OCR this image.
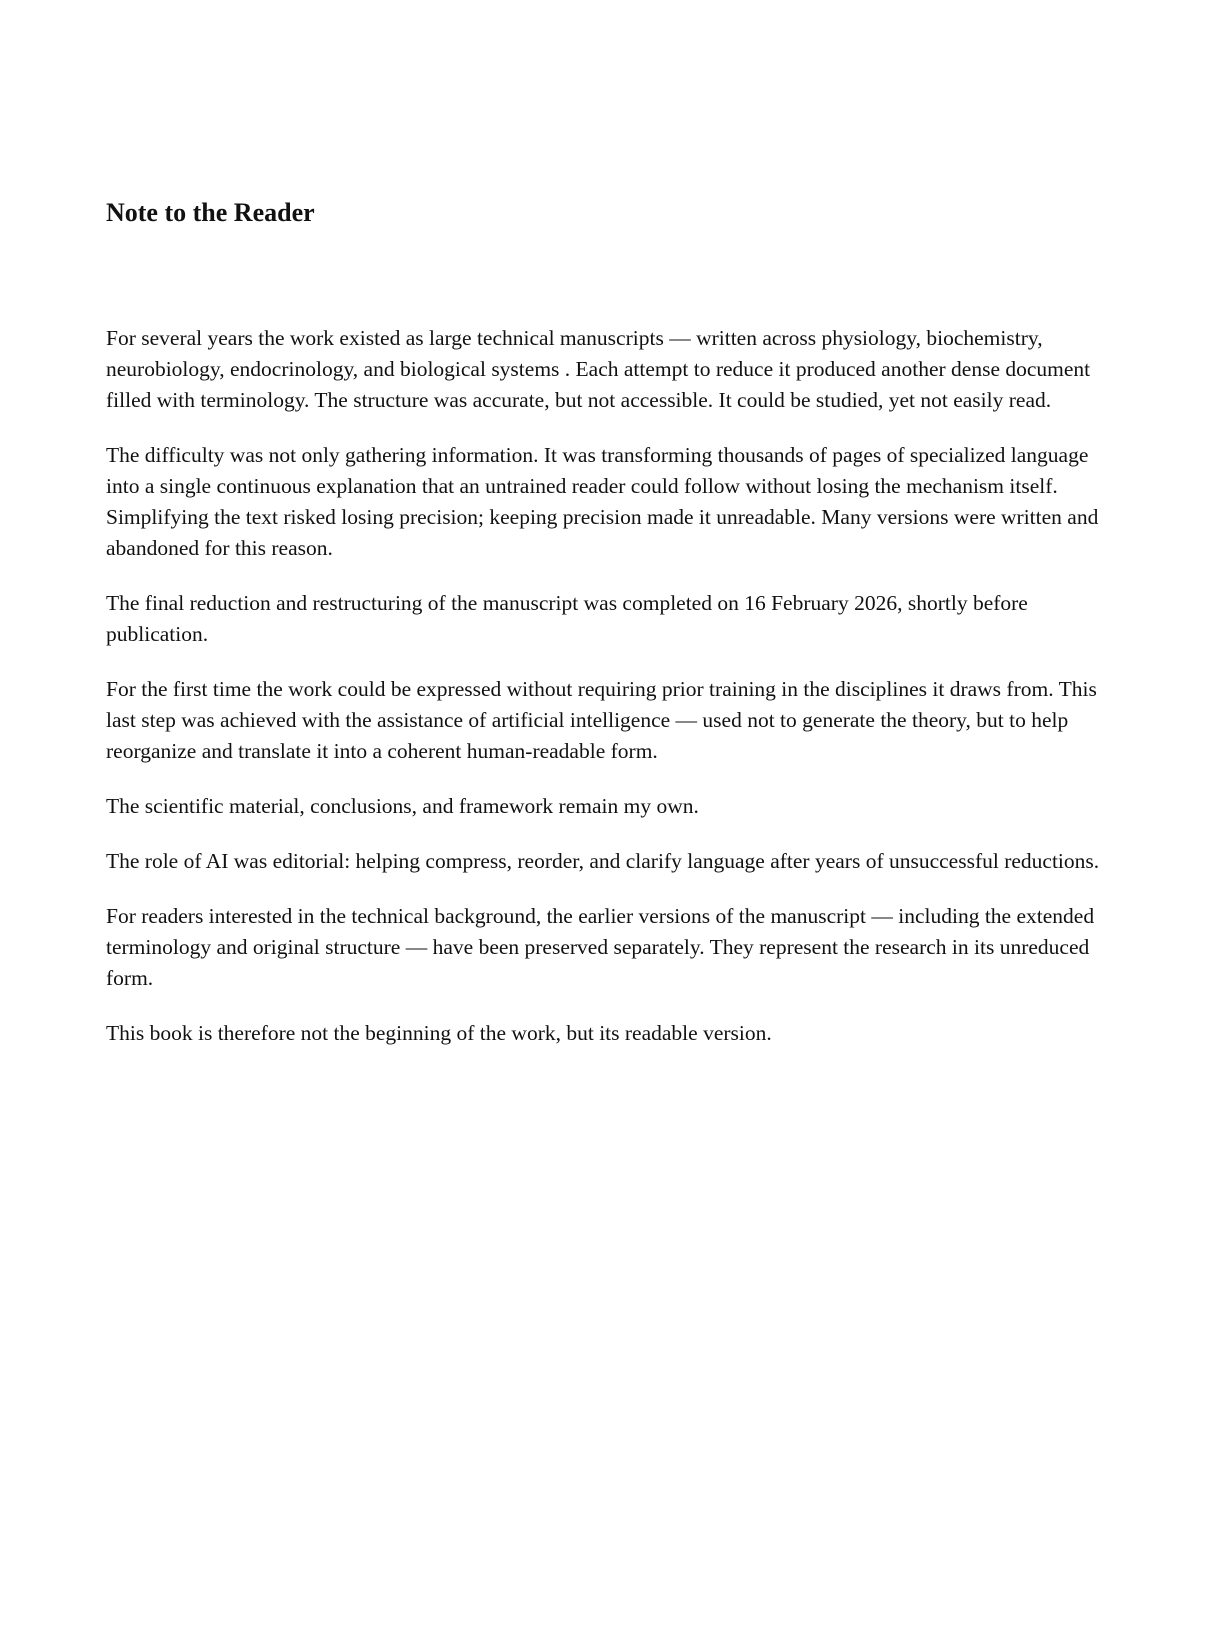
Note to the Reader

For several years the work existed as large technical manuscripts — written across physiology, biochemistry, neurobiology, endocrinology, and biological systems . Each attempt to reduce it produced another dense document filled with terminology. The structure was accurate, but not accessible. It could be studied, yet not easily read.

The difficulty was not only gathering information. It was transforming thousands of pages of specialized language into a single continuous explanation that an untrained reader could follow without losing the mechanism itself. Simplifying the text risked losing precision; keeping precision made it unreadable. Many versions were written and abandoned for this reason.

The final reduction and restructuring of the manuscript was completed on 16 February 2026, shortly before publication.

For the first time the work could be expressed without requiring prior training in the disciplines it draws from. This last step was achieved with the assistance of artificial intelligence — used not to generate the theory, but to help reorganize and translate it into a coherent human-readable form.

The scientific material, conclusions, and framework remain my own.

The role of AI was editorial: helping compress, reorder, and clarify language after years of unsuccessful reductions.

For readers interested in the technical background, the earlier versions of the manuscript — including the extended terminology and original structure — have been preserved separately. They represent the research in its unreduced form.

This book is therefore not the beginning of the work, but its readable version.
